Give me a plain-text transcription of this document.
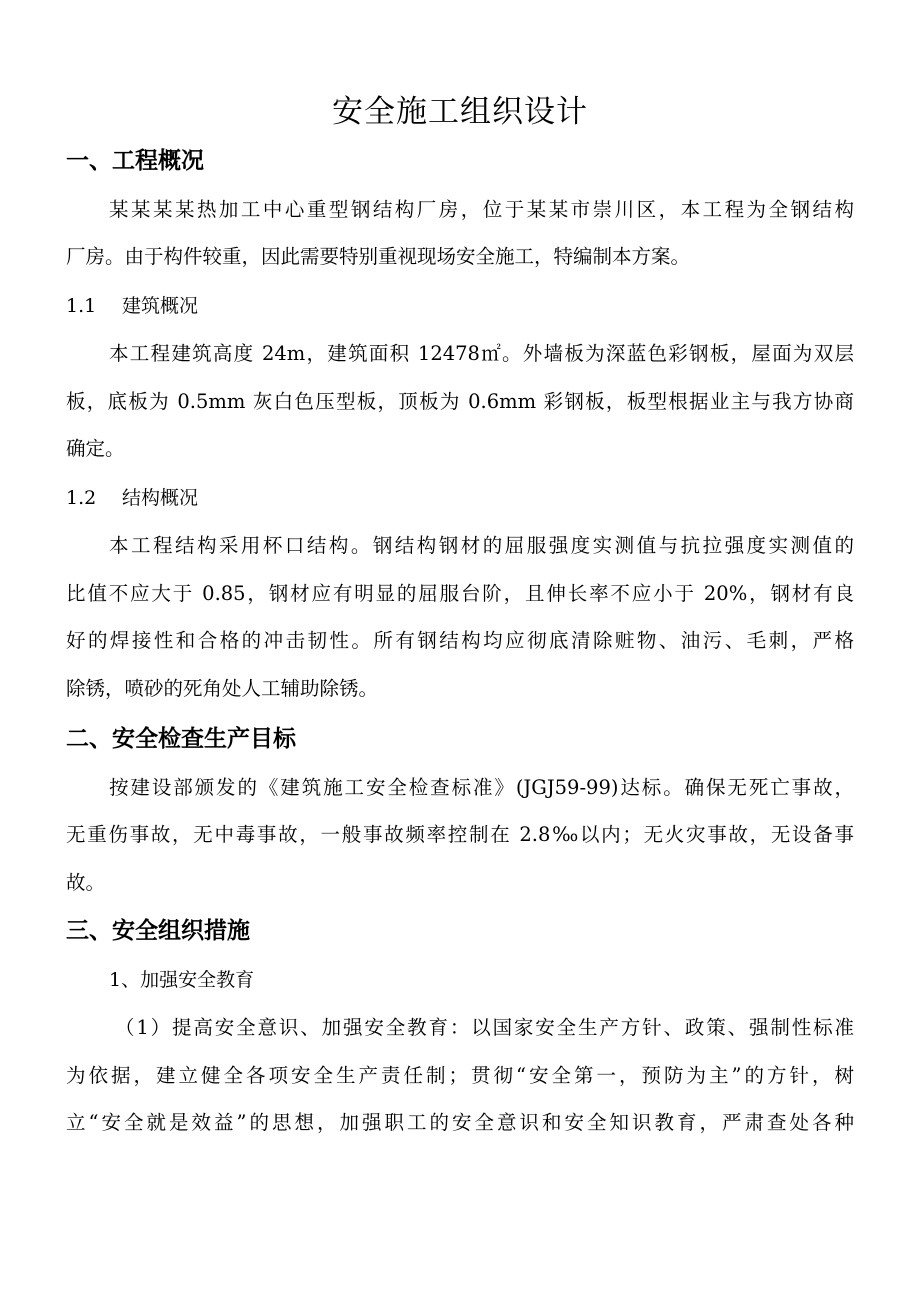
安全施工组织设计
一、工程概况
某某某某热加工中心重型钢结构厂房，位于某某市崇川区，本工程为全钢结构
厂房。由于构件较重，因此需要特别重视现场安全施工，特编制本方案。
1.1 建筑概况
本工程建筑高度 24m，建筑面积 12478㎡。外墙板为深蓝色彩钢板，屋面为双层
板，底板为 0.5mm 灰白色压型板，顶板为 0.6mm 彩钢板，板型根据业主与我方协商
确定。
1.2 结构概况
本工程结构采用杯口结构。钢结构钢材的屈服强度实测值与抗拉强度实测值的
比值不应大于 0.85，钢材应有明显的屈服台阶，且伸长率不应小于 20%，钢材有良
好的焊接性和合格的冲击韧性。所有钢结构均应彻底清除赃物、油污、毛刺，严格
除锈，喷砂的死角处人工辅助除锈。
二、安全检查生产目标
按建设部颁发的《建筑施工安全检查标准》(JGJ59-99)达标。确保无死亡事故，
无重伤事故，无中毒事故，一般事故频率控制在 2.8‰以内；无火灾事故，无设备事
故。
三、安全组织措施
1、加强安全教育
（1）提高安全意识、加强安全教育：以国家安全生产方针、政策、强制性标准
为依据，建立健全各项安全生产责任制；贯彻“安全第一，预防为主”的方针，树
立“安全就是效益”的思想，加强职工的安全意识和安全知识教育，严肃查处各种
